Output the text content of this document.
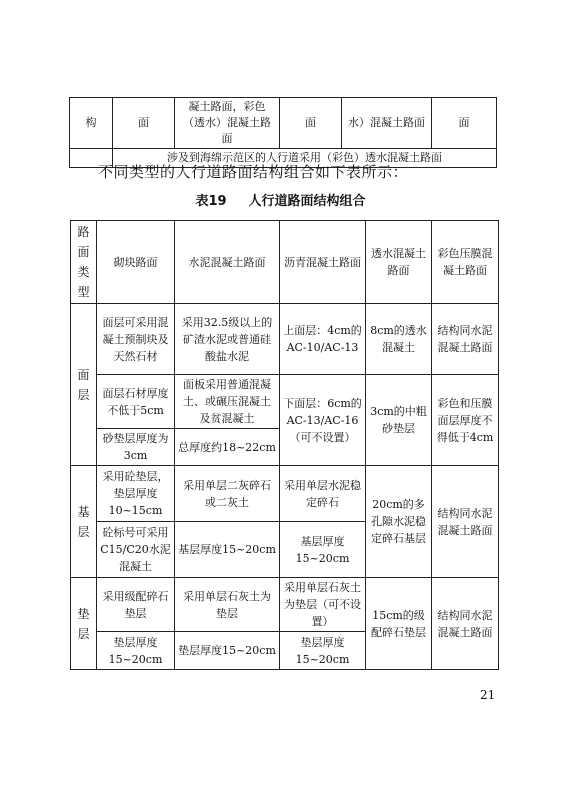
构	面	凝土路面，彩色（透水）混凝土路面	面	水）混凝土路面	面
	涉及到海绵示范区的人行道采用（彩色）透水混凝土路面				
不同类型的人行道路面结构组合如下表所示：
表19 人行道路面结构组合
路面类型	砌块路面	水泥混凝土路面	沥青混凝土路面	透水混凝土路面	彩色压膜混凝土路面
面层	面层可采用混凝土预制块及天然石材	采用32.5级以上的矿渣水泥或普通硅酸盐水泥	上面层：4cm的AC-10/AC-13	8cm的透水混凝土	结构同水泥混凝土路面
	面层石材厚度不低于5cm	面板采用普通混凝土、或碾压混凝土及贫混凝土	下面层：6cm的AC-13/AC-16（可不设置）	3cm的中粗砂垫层	彩色和压膜面层厚度不得低于4cm
	砂垫层厚度为3cm	总厚度约18~22cm			
基层	采用砼垫层，垫层厚度10~15cm	采用单层二灰碎石或二灰土	采用单层水泥稳定碎石	20cm的多孔隙水泥稳定碎石基层	结构同水泥混凝土路面
	砼标号可采用C15/C20水泥混凝土	基层厚度15~20cm	基层厚度15~20cm		
垫层	采用级配碎石垫层	采用单层石灰土为垫层	采用单层石灰土为垫层（可不设置）	15cm的级配碎石垫层	结构同水泥混凝土路面
	垫层厚度15~20cm	垫层厚度15~20cm	垫层厚度15~20cm		
21
